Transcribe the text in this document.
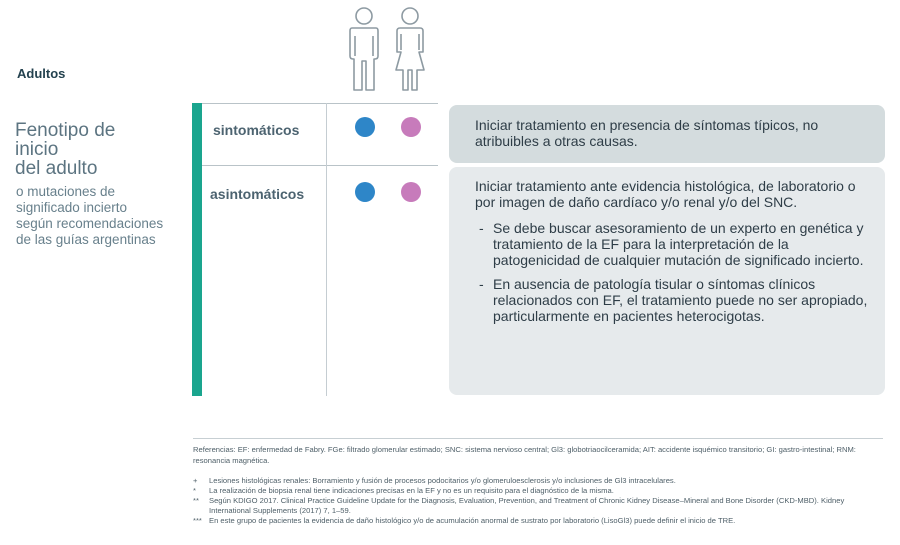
Adultos
Fenotipo de
inicio
del adulto
o mutaciones de
significado incierto
según recomendaciones
de las guías argentinas
sintomáticos
asintomáticos
Iniciar tratamiento en presencia de síntomas típicos, no atribuibles a otras causas.
Iniciar tratamiento ante evidencia histológica, de laboratorio o por imagen de daño cardíaco y/o renal y/o del SNC.
- Se debe buscar asesoramiento de un experto en genética y tratamiento de la EF para la interpretación de la patogenicidad de cualquier mutación de significado incierto.
- En ausencia de patología tisular o síntomas clínicos relacionados con EF, el tratamiento puede no ser apropiado, particularmente en pacientes heterocigotas.
Referencias: EF: enfermedad de Fabry. FGe: filtrado glomerular estimado; SNC: sistema nervioso central; Gl3: globotriaocilceramida; AIT: accidente isquémico transitorio; GI: gastro-intestinal; RNM: resonancia magnética.
+ Lesiones histológicas renales: Borramiento y fusión de procesos podocitarios y/o glomeruloesclerosis y/o inclusiones de Gl3 intracelulares.
* La realización de biopsia renal tiene indicaciones precisas en la EF y no es un requisito para el diagnóstico de la misma.
** Según KDIGO 2017. Clinical Practice Guideline Update for the Diagnosis, Evaluation, Prevention, and Treatment of Chronic Kidney Disease–Mineral and Bone Disorder (CKD-MBD). Kidney International Supplements (2017) 7, 1–59.
*** En este grupo de pacientes la evidencia de daño histológico y/o de acumulación anormal de sustrato por laboratorio (LisoGl3) puede definir el inicio de TRE.
